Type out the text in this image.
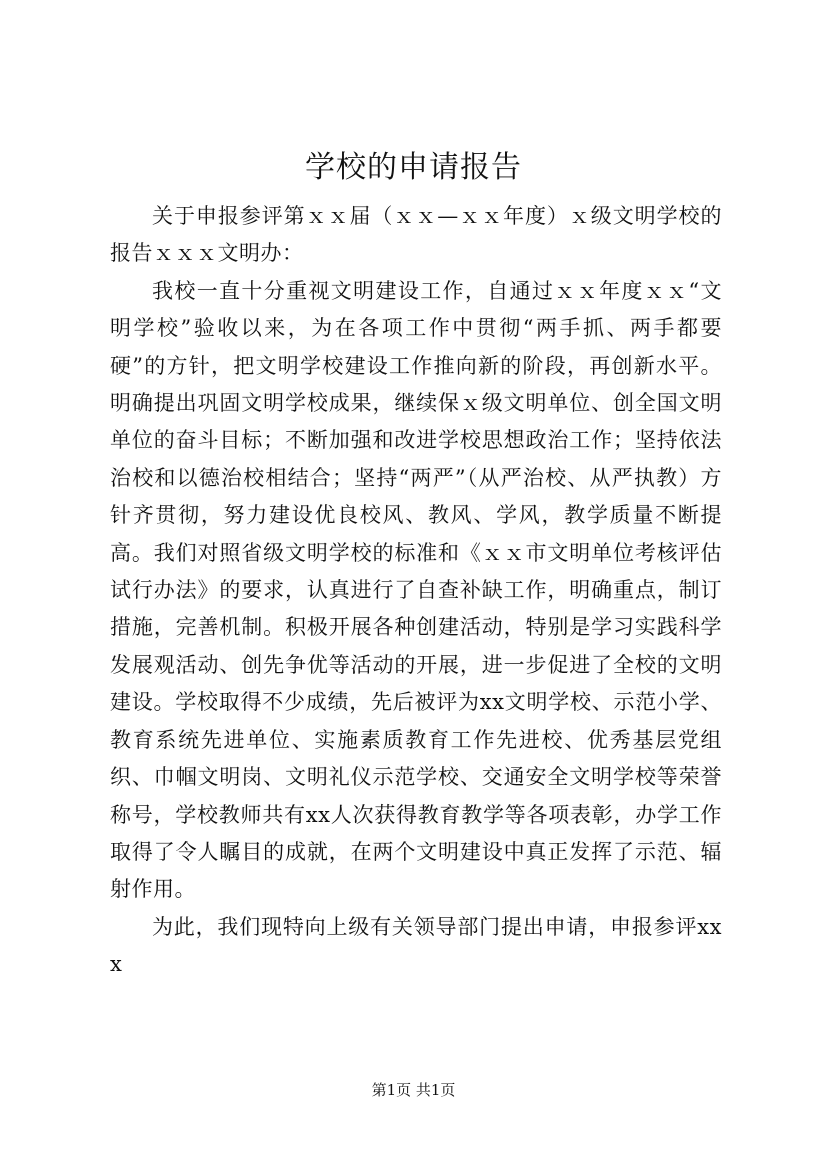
学校的申请报告

关于申报参评第ｘｘ届（ｘｘ—ｘｘ年度）ｘ级文明学校的报告ｘｘｘ文明办：

我校一直十分重视文明建设工作，自通过ｘｘ年度ｘｘ“文明学校”验收以来，为在各项工作中贯彻“两手抓、两手都要硬”的方针，把文明学校建设工作推向新的阶段，再创新水平。明确提出巩固文明学校成果，继续保ｘ级文明单位、创全国文明单位的奋斗目标；不断加强和改进学校思想政治工作；坚持依法治校和以德治校相结合；坚持“两严”（从严治校、从严执教）方针齐贯彻，努力建设优良校风、教风、学风，教学质量不断提高。我们对照省级文明学校的标准和《ｘｘ市文明单位考核评估试行办法》的要求，认真进行了自查补缺工作，明确重点，制订措施，完善机制。积极开展各种创建活动，特别是学习实践科学发展观活动、创先争优等活动的开展，进一步促进了全校的文明建设。学校取得不少成绩，先后被评为xx文明学校、示范小学、教育系统先进单位、实施素质教育工作先进校、优秀基层党组织、巾帼文明岗、文明礼仪示范学校、交通安全文明学校等荣誉称号，学校教师共有xx人次获得教育教学等各项表彰，办学工作取得了令人瞩目的成就，在两个文明建设中真正发挥了示范、辐射作用。

为此，我们现特向上级有关领导部门提出申请，申报参评xxx

第1页 共1页
